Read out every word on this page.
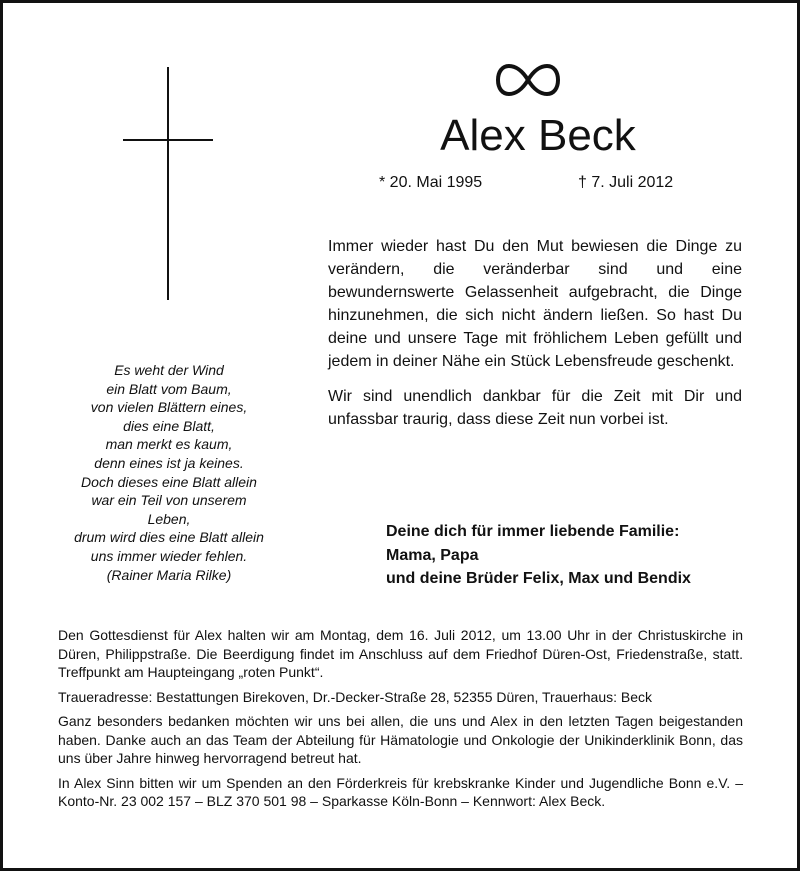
Alex Beck
* 20. Mai 1995	† 7. Juli 2012

Immer wieder hast Du den Mut bewiesen die Dinge zu verändern, die veränderbar sind und eine bewundernswerte Gelassenheit aufgebracht, die Dinge hinzunehmen, die sich nicht ändern ließen. So hast Du deine und unsere Tage mit fröhlichem Leben gefüllt und jedem in deiner Nähe ein Stück Lebensfreude geschenkt.

Wir sind unendlich dankbar für die Zeit mit Dir und unfassbar traurig, dass diese Zeit nun vorbei ist.

Es weht der Wind
ein Blatt vom Baum,
von vielen Blättern eines,
dies eine Blatt,
man merkt es kaum,
denn eines ist ja keines.
Doch dieses eine Blatt allein
war ein Teil von unserem
Leben,
drum wird dies eine Blatt allein
uns immer wieder fehlen.
(Rainer Maria Rilke)
Deine dich für immer liebende Familie:
Mama, Papa
und deine Brüder Felix, Max und Bendix

Den Gottesdienst für Alex halten wir am Montag, dem 16. Juli 2012, um 13.00 Uhr in der Christuskirche in Düren, Philippstraße. Die Beerdigung findet im Anschluss auf dem Friedhof Düren-Ost, Friedenstraße, statt. Treffpunkt am Haupteingang „roten Punkt“.

Traueradresse: Bestattungen Birekoven, Dr.-Decker-Straße 28, 52355 Düren, Trauerhaus: Beck

Ganz besonders bedanken möchten wir uns bei allen, die uns und Alex in den letzten Tagen beigestanden haben. Danke auch an das Team der Abteilung für Hämatologie und Onkologie der Unikinderklinik Bonn, das uns über Jahre hinweg hervorragend betreut hat.

In Alex Sinn bitten wir um Spenden an den Förderkreis für krebskranke Kinder und Jugendliche Bonn e.V. – Konto-Nr. 23 002 157 – BLZ 370 501 98 – Sparkasse Köln-Bonn – Kennwort: Alex Beck.
